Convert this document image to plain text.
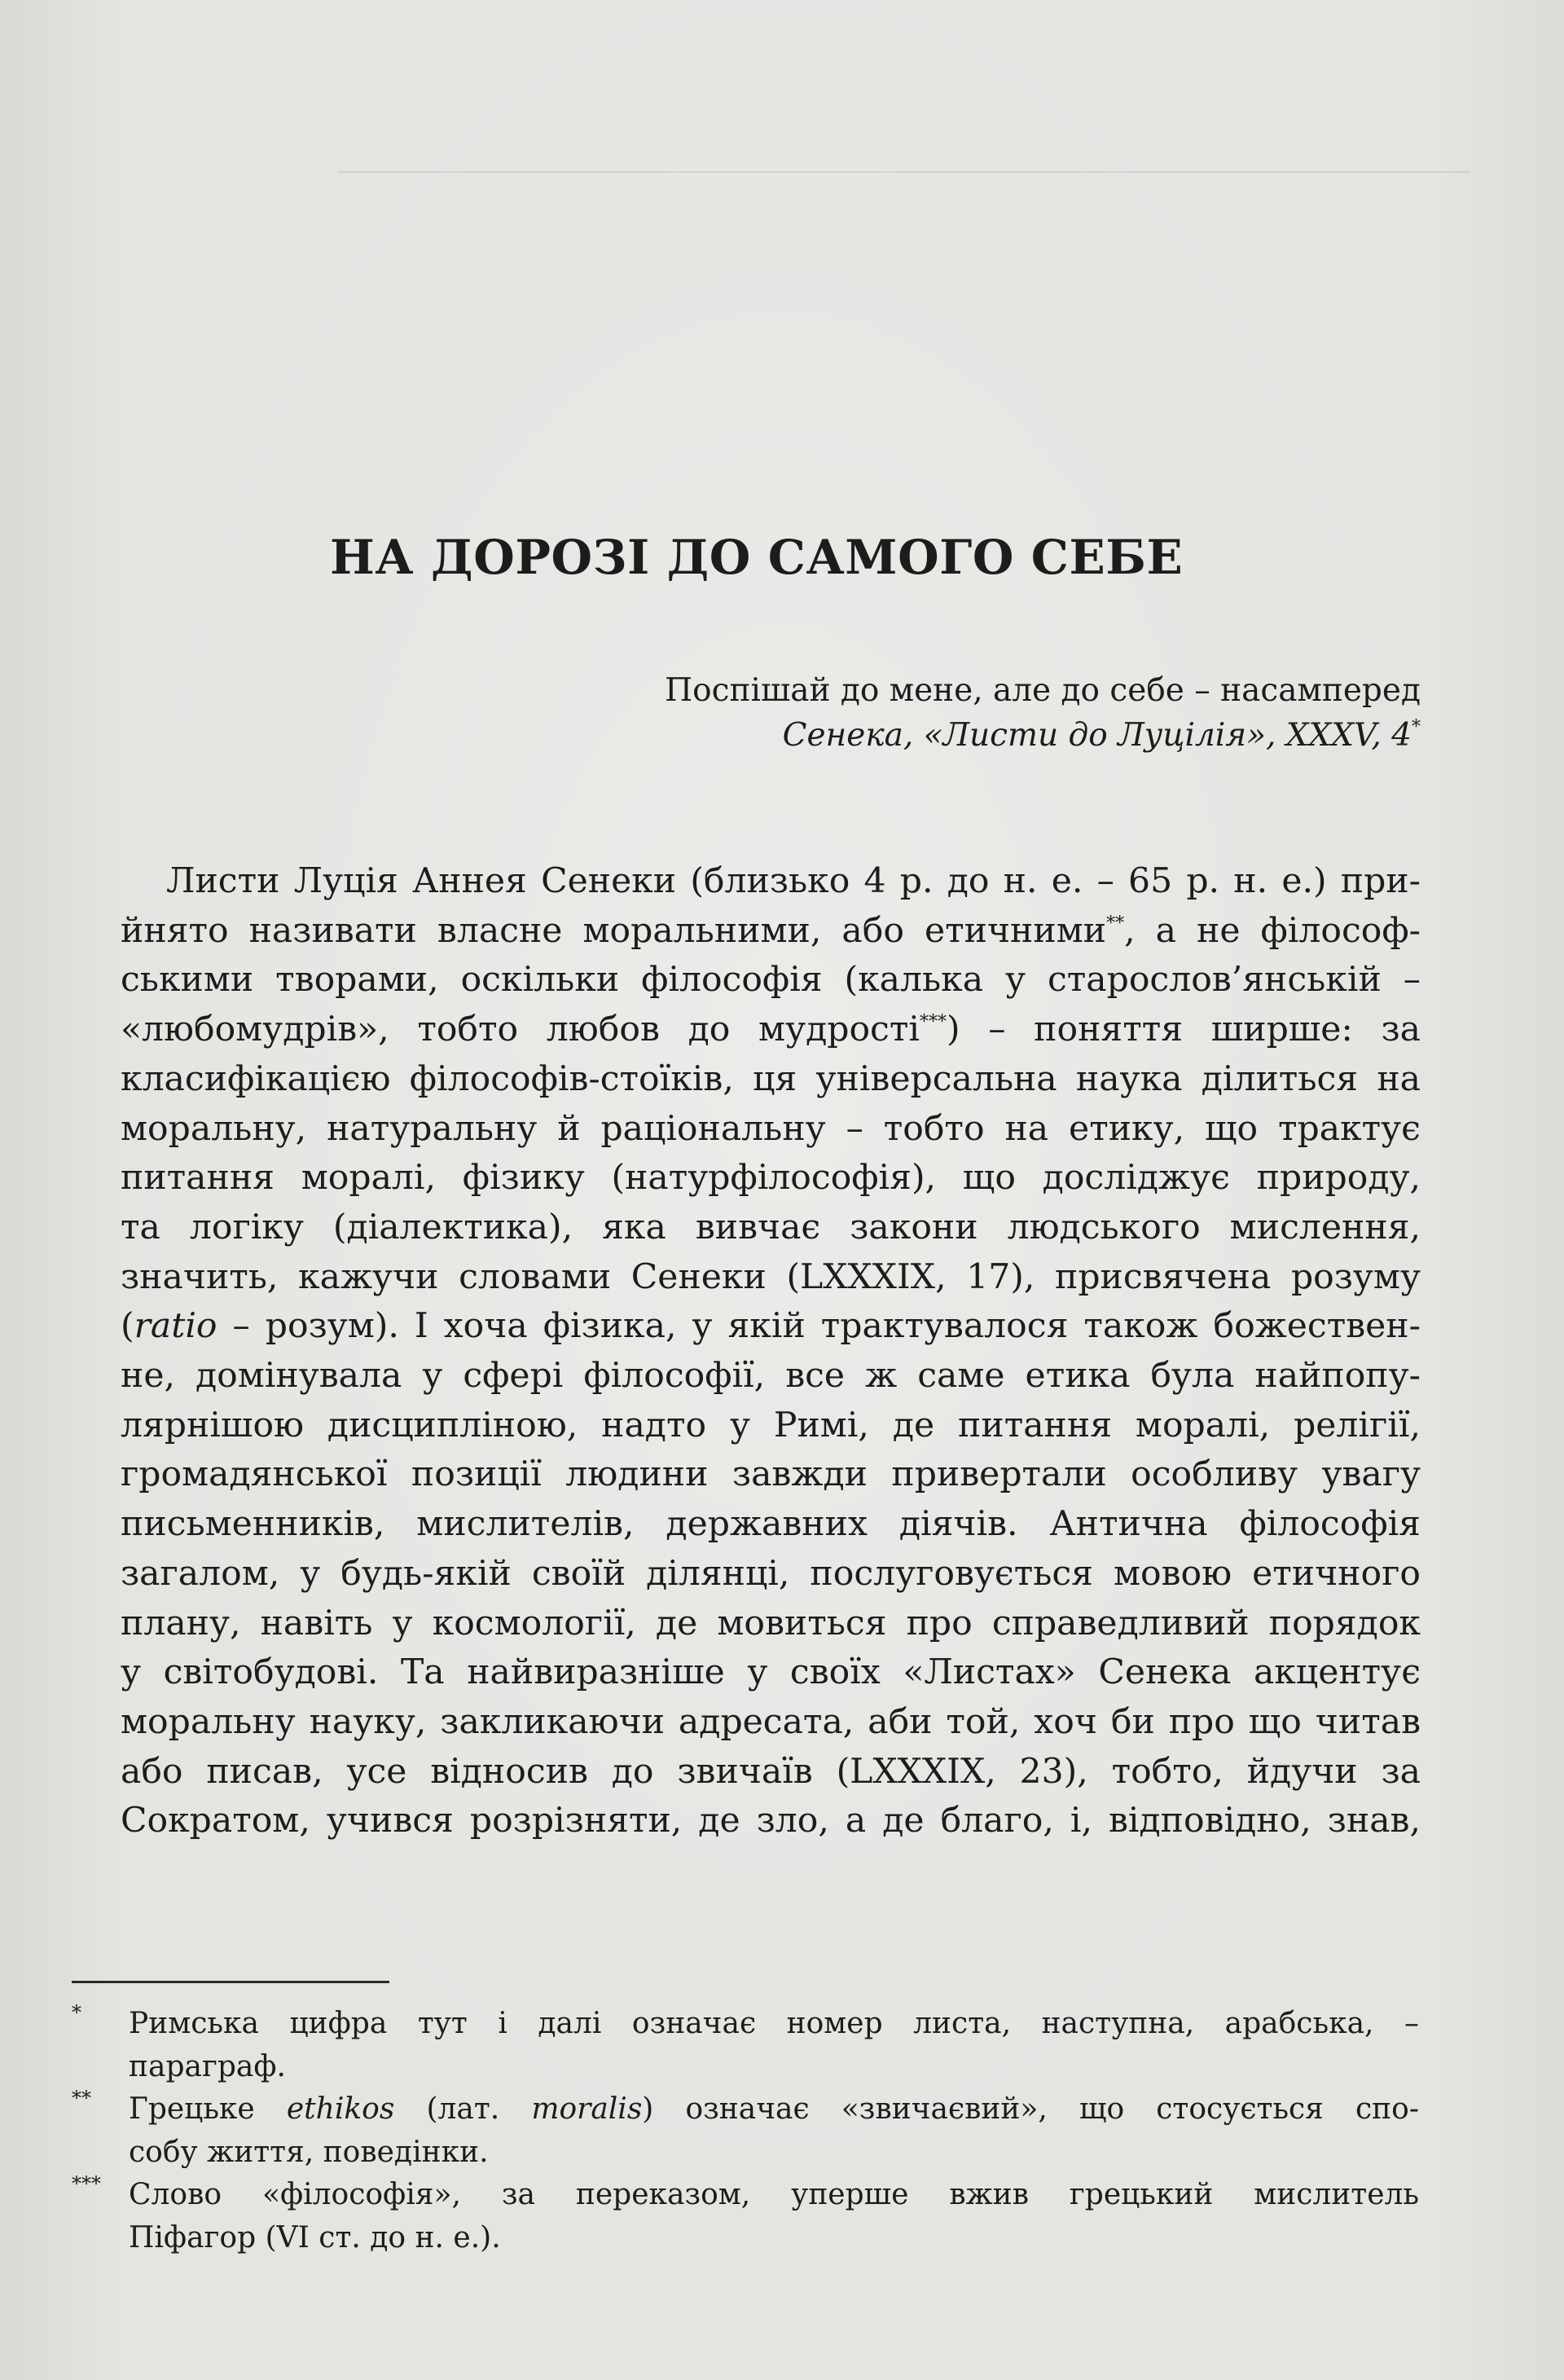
НА ДОРОЗІ ДО САМОГО СЕБЕ
Поспішай до мене, але до себе – насамперед
Сенека, «Листи до Луцілія», XXXV, 4*
Листи Луція Аннея Сенеки (близько 4 р. до н. е. – 65 р. н. е.) при-
йнято називати власне моральними, або етичними**, а не філософ-
ськими творами, оскільки філософія (калька у старослов’янській –
«любомудрів», тобто любов до мудрості***) – поняття ширше: за
класифікацією філософів-стоїків, ця універсальна наука ділиться на
моральну, натуральну й раціональну – тобто на етику, що трактує
питання моралі, фізику (натурфілософія), що досліджує природу,
та логіку (діалектика), яка вивчає закони людського мислення,
значить, кажучи словами Сенеки (LXXXIX, 17), присвячена розуму
(ratio – розум). І хоча фізика, у якій трактувалося також божествен-
не, домінувала у сфері філософії, все ж саме етика була найпопу-
лярнішою дисципліною, надто у Римі, де питання моралі, релігії,
громадянської позиції людини завжди привертали особливу увагу
письменників, мислителів, державних діячів. Антична філософія
загалом, у будь-якій своїй ділянці, послуговується мовою етичного
плану, навіть у космології, де мовиться про справедливий порядок
у світобудові. Та найвиразніше у своїх «Листах» Сенека акцентує
моральну науку, закликаючи адресата, аби той, хоч би про що читав
або писав, усе відносив до звичаїв (LXXXIX, 23), тобто, йдучи за
Сократом, учився розрізняти, де зло, а де благо, і, відповідно, знав,
* Римська цифра тут і далі означає номер листа, наступна, арабська, –
параграф.
** Грецьке ethikos (лат. moralis) означає «звичаєвий», що стосується спо-
собу життя, поведінки.
*** Слово «філософія», за переказом, уперше вжив грецький мислитель
Піфагор (VI ст. до н. е.).
